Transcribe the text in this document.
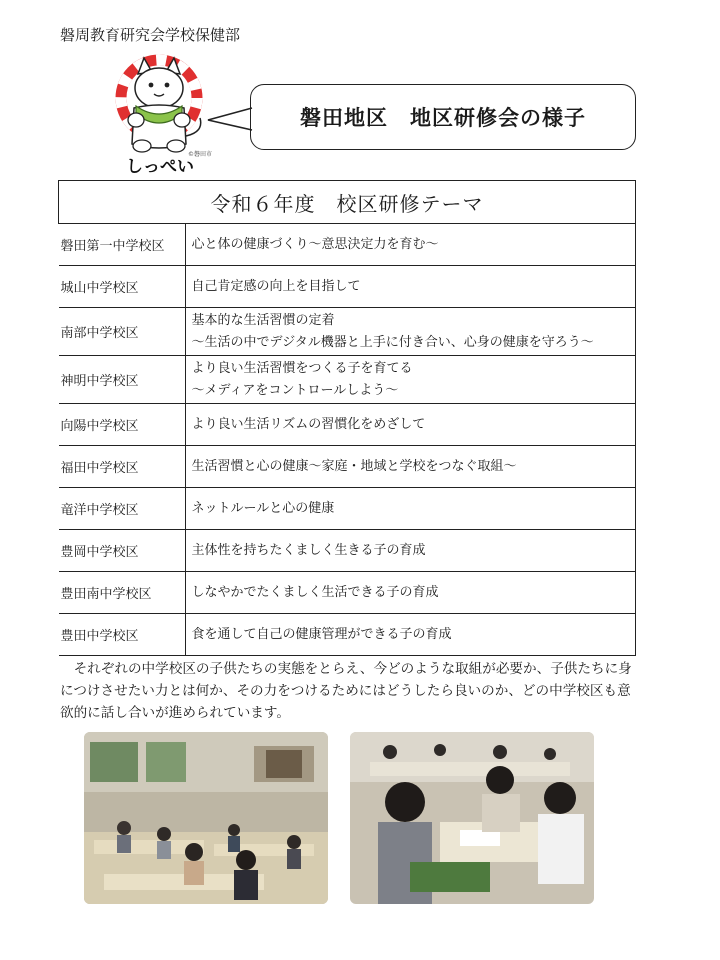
磐周教育研究会学校保健部
しっぺい
©磐田市
磐田地区　地区研修会の様子
令和６年度　校区研修テーマ	
磐田第一中学校区	心と体の健康づくり～意思決定力を育む～

城山中学校区	自己肯定感の向上を目指して

南部中学校区	基本的な生活習慣の定着
～生活の中でデジタル機器と上手に付き合い、心身の健康を守ろう～

神明中学校区	より良い生活習慣をつくる子を育てる
～メディアをコントロールしよう～

向陽中学校区	より良い生活リズムの習慣化をめざして

福田中学校区	生活習慣と心の健康～家庭・地域と学校をつなぐ取組～

竜洋中学校区	ネットルールと心の健康

豊岡中学校区	主体性を持ちたくましく生きる子の育成

豊田南中学校区	しなやかでたくましく生活できる子の育成

豊田中学校区	食を通して自己の健康管理ができる子の育成
それぞれの中学校区の子供たちの実態をとらえ、今どのような取組が必要か、子供たちに身につけさせたい力とは何か、その力をつけるためにはどうしたら良いのか、どの中学校区も意欲的に話し合いが進められています。
